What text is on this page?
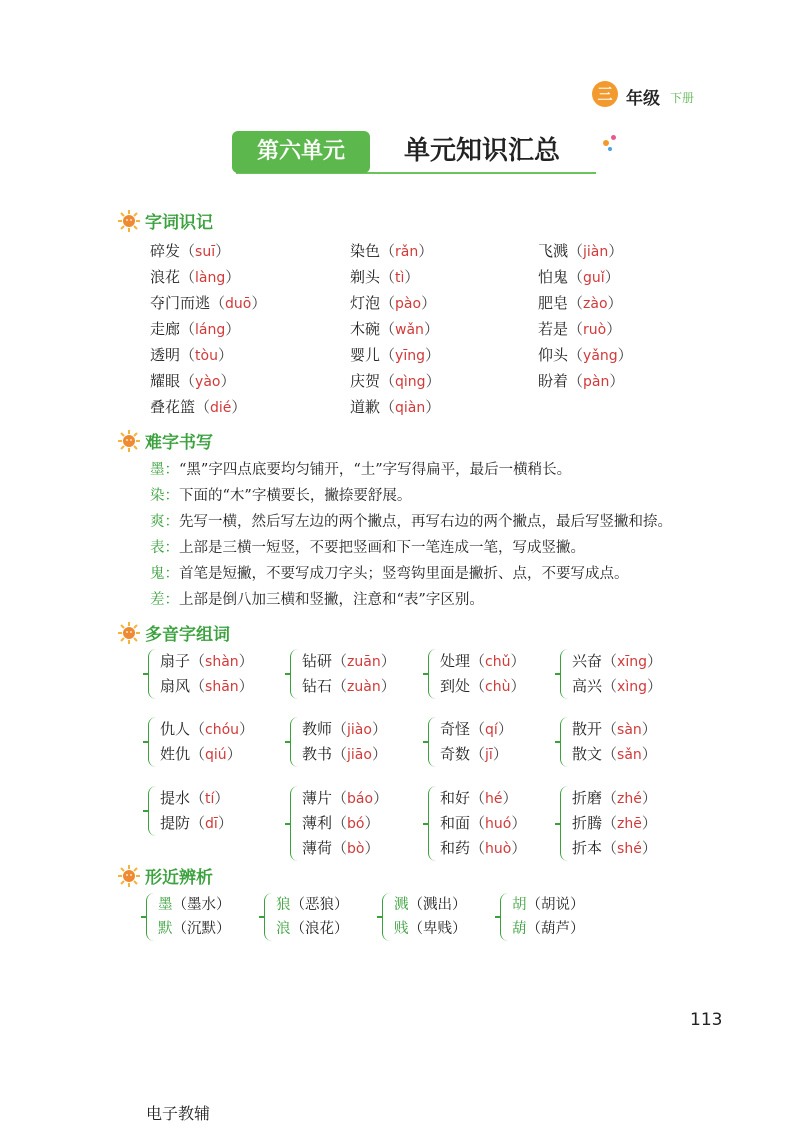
三 年级 下册
第六单元	单元知识汇总
字词识记
碎发（suī）
浪花（làng）
夺门而逃（duō）
走廊（láng）
透明（tòu）
耀眼（yào）
叠花篮（dié）
染色（rǎn）
剃头（tì）
灯泡（pào）
木碗（wǎn）
婴儿（yīng）
庆贺（qìng）
道歉（qiàn）
飞溅（jiàn）
怕鬼（guǐ）
肥皂（zào）
若是（ruò）
仰头（yǎng）
盼着（pàn）
难字书写
墨：“黑”字四点底要均匀铺开，“土”字写得扁平，最后一横稍长。
染：下面的“木”字横要长，撇捺要舒展。
爽：先写一横，然后写左边的两个撇点，再写右边的两个撇点，最后写竖撇和捺。
表：上部是三横一短竖，不要把竖画和下一笔连成一笔，写成竖撇。
鬼：首笔是短撇，不要写成刀字头；竖弯钩里面是撇折、点，不要写成点。
差：上部是倒八加三横和竖撇，注意和“表”字区别。
多音字组词
扇子（shàn）
扇风（shān）
钻研（zuān）
钻石（zuàn）
处理（chǔ）
到处（chù）
兴奋（xīng）
高兴（xìng）
仇人（chóu）
姓仇（qiú）
教师（jiào）
教书（jiāo）
奇怪（qí）
奇数（jī）
散开（sàn）
散文（sǎn）
提水（tí）
提防（dī）
薄片（báo）
薄利（bó）
薄荷（bò）
和好（hé）
和面（huó）
和药（huò）
折磨（zhé）
折腾（zhē）
折本（shé）
形近辨析
墨（墨水）
默（沉默）
狼（恶狼）
浪（浪花）
溅（溅出）
贱（卑贱）
胡（胡说）
葫（葫芦）
113
电子教辅
